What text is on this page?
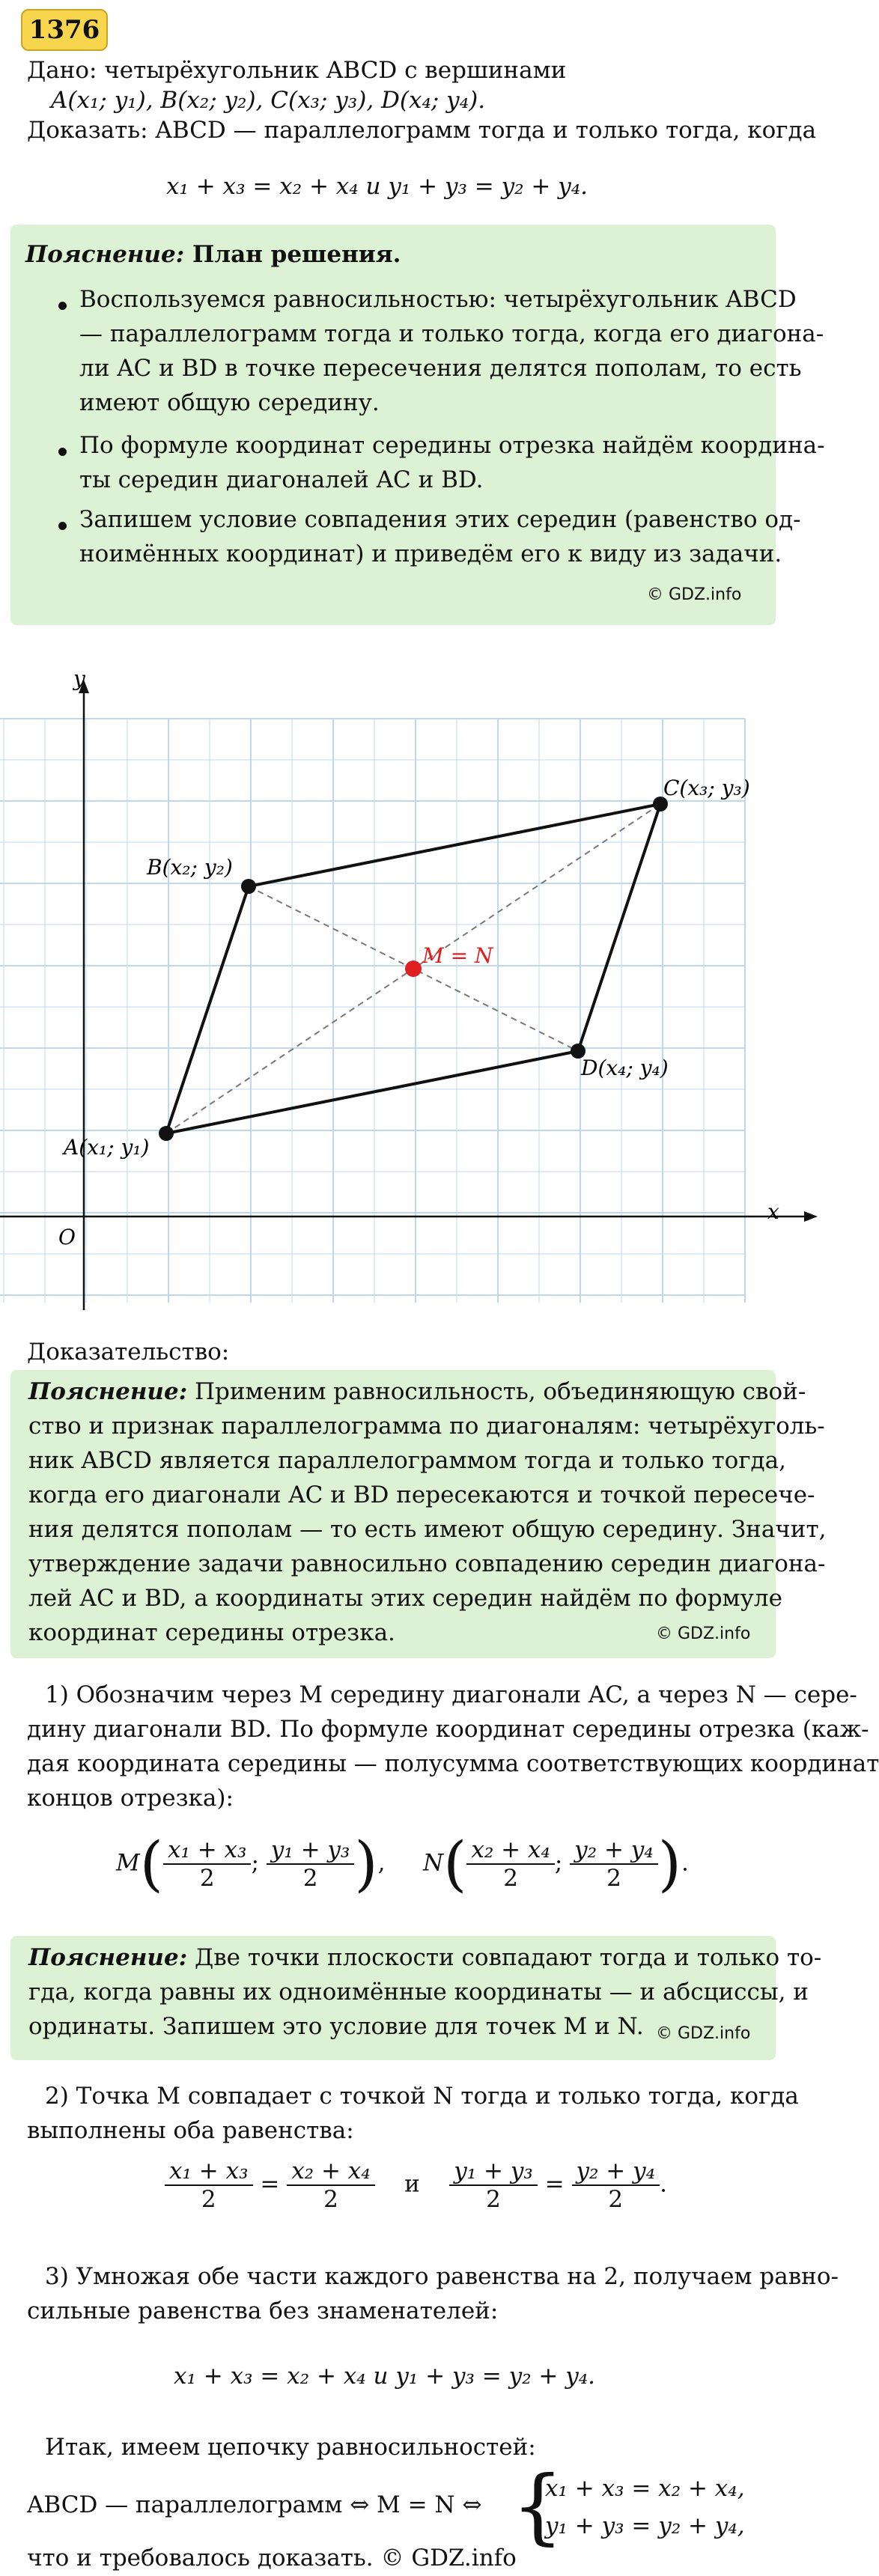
1376
Дано: четырёхугольник ABCD с вершинами
A(x₁; y₁), B(x₂; y₂), C(x₃; y₃), D(x₄; y₄).
Доказать: ABCD — параллелограмм тогда и только тогда, когда
x₁ + x₃ = x₂ + x₄ и y₁ + y₃ = y₂ + y₄.
Пояснение: План решения.
Воспользуемся равносильностью: четырёхугольник ABCD
— параллелограмм тогда и только тогда, когда его диагона-
ли AC и BD в точке пересечения делятся пополам, то есть
имеют общую середину.
По формуле координат середины отрезка найдём координа-
ты середин диагоналей AC и BD.
Запишем условие совпадения этих середин (равенство од-
ноимённых координат) и приведём его к виду из задачи.
© GDZ.info
x
y
O
A(x₁; y₁)
B(x₂; y₂)
C(x₃; y₃)
D(x₄; y₄)
M = N
Доказательство:
Пояснение: Применим равносильность, объединяющую свой-
ство и признак параллелограмма по диагоналям: четырёхуголь-
ник ABCD является параллелограммом тогда и только тогда,
когда его диагонали AC и BD пересекаются и точкой пересече-
ния делятся пополам — то есть имеют общую середину. Значит,
утверждение задачи равносильно совпадению середин диагона-
лей AC и BD, а координаты этих середин найдём по формуле
координат середины отрезка.	© GDZ.info
1) Обозначим через M середину диагонали AC, а через N — сере-
дину диагонали BD. По формуле координат середины отрезка (каж-
дая координата середины — полусумма соответствующих координат
концов отрезка):
$M( \frac{\text{x₁ + x₃}}{2}$ ; $\frac{\text{y₁ + y₃}}{2}$ ), $N( \frac{\text{x₂ + x₄}}{2}$ ; $\frac{\text{y₂ + y₄}}{2}$ ).
Пояснение: Две точки плоскости совпадают тогда и только то-
гда, когда равны их одноимённые координаты — и абсциссы, и
ординаты. Запишем это условие для точек M и N. © GDZ.info
2) Точка M совпадает с точкой N тогда и только тогда, когда
выполнены оба равенства:
$\frac{\text{x₁ + x₃}}{2} = \frac{\text{x₂ + x₄}}{2}$ и $\frac{\text{y₁ + y₃}}{2} = \frac{\text{y₂ + y₄}}{2}$ .
3) Умножая обе части каждого равенства на 2, получаем равно-
сильные равенства без знаменателей:
x₁ + x₃ = x₂ + x₄ и y₁ + y₃ = y₂ + y₄.
Итак, имеем цепочку равносильностей:
ABCD — параллелограмм ⇔ M = N ⇔ {
x₁ + x₃ = x₂ + x₄,
y₁ + y₃ = y₂ + y₄,
что и требовалось доказать. © GDZ.info
